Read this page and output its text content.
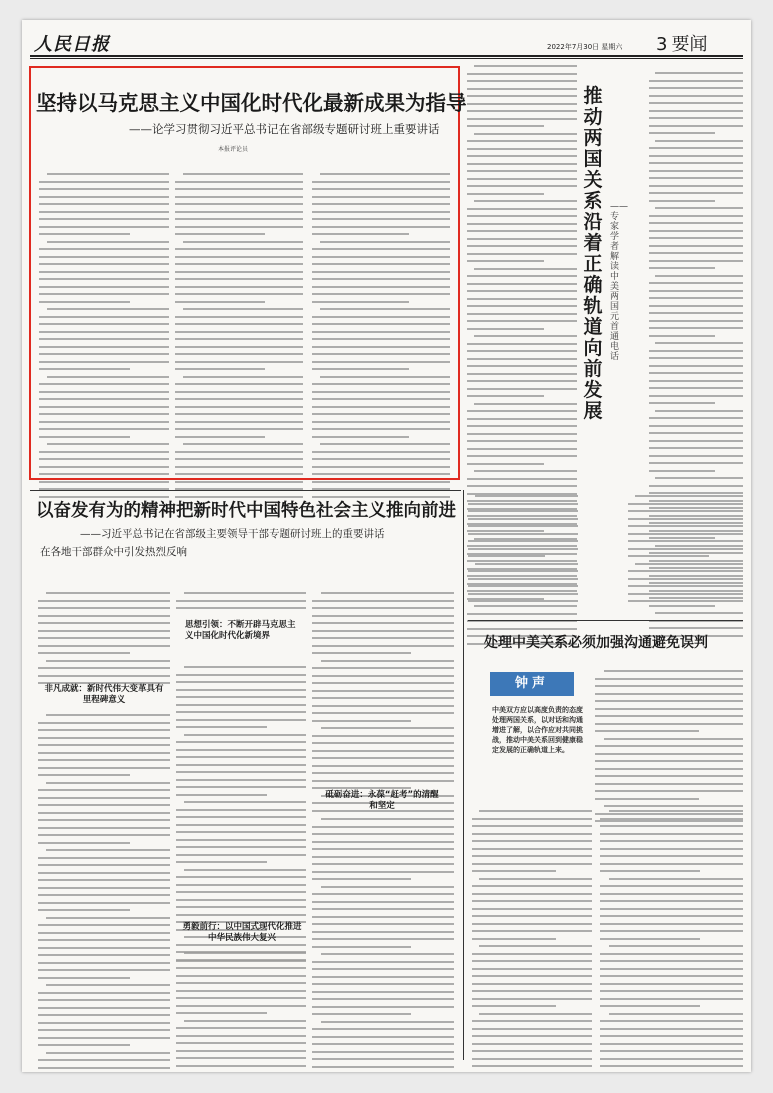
人民日报	2022年7月30日 星期六 3 要闻
坚持以马克思主义中国化时代化最新成果为指导
——论学习贯彻习近平总书记在省部级专题研讨班上重要讲话
本报评论员
推动两国关系沿着正确轨道向前发展
——专家学者解读中美两国元首通电话
以奋发有为的精神把新时代中国特色社会主义推向前进
——习近平总书记在省部级主要领导干部专题研讨班上的重要讲话
在各地干部群众中引发热烈反响
非凡成就：新时代伟大变革具有里程碑意义
思想引领：不断开辟马克思主义中国化时代化新境界
勇毅前行：以中国式现代化推进中华民族伟大复兴
砥砺奋进：永葆“赶考”的清醒和坚定
处理中美关系必须加强沟通避免误判
钟声
中美双方应以高度负责的态度处理两国关系，以对话和沟通增进了解，以合作应对共同挑战，推动中美关系回到健康稳定发展的正确轨道上来。
